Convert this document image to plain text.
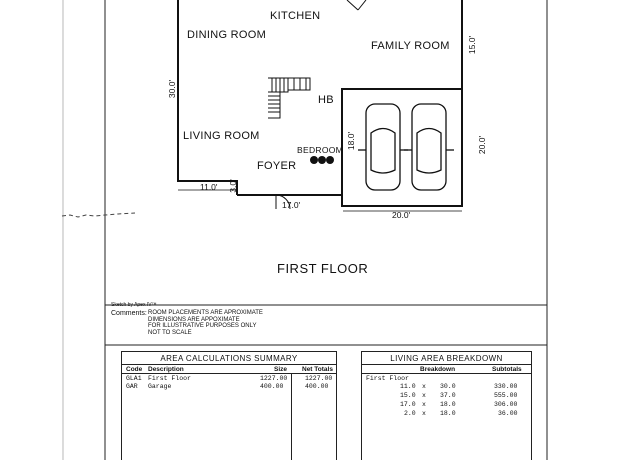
KITCHEN
DINING ROOM
FAMILY ROOM
HB
LIVING ROOM
BEDROOM
FOYER
30.0'
15.0'
18.0'	20.0'
20.0'
11.0' 3.0'
17.0'
FIRST FLOOR
Sketch by Apex IV™
Comments: ROOM PLACEMENTS ARE APROXIMATE
DIMENSIONS ARE APPOXIMATE
FOR ILLUSTRATIVE PURPOSES ONLY
NOT TO SCALE
AREA CALCULATIONS SUMMARY
Code Description	Size Net Totals
GLA1 First Floor	1227.00	1227.00
GAR Garage	400.00	400.00
LIVING AREA BREAKDOWN
Breakdown	Subtotals
First Floor
11.0 x 30.0	330.00
15.0 x 37.0	555.00
17.0 x 18.0	306.00
2.0 x 18.0	36.00
